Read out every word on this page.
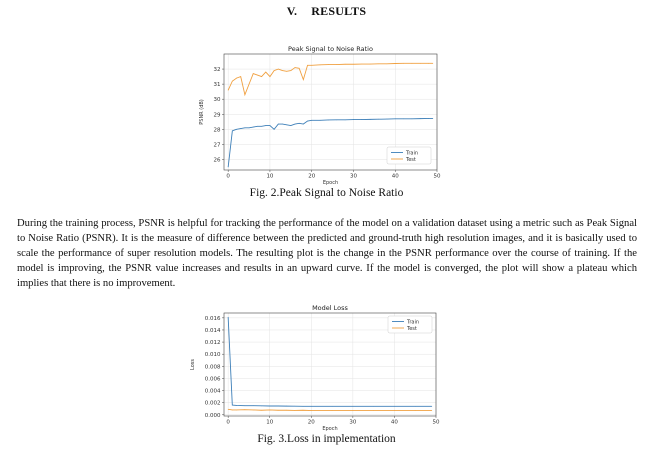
V. RESULTS
0	10	20	30	40	50
26
27
28
29
30
31
32
Peak Signal to Noise Ratio
Epoch
PSNR (dB)
Train
Test
Fig. 2.Peak Signal to Noise Ratio

During the training process, PSNR is helpful for tracking the performance of the model on a validation dataset using a metric such as Peak Signal to Noise Ratio (PSNR). It is the measure of difference between the predicted and ground-truth high resolution images, and it is basically used to scale the performance of super resolution models. The resulting plot is the change in the PSNR performance over the course of training. If the model is improving, the PSNR value increases and results in an upward curve. If the model is converged, the plot will show a plateau which implies that there is no improvement.

0	10	20	30	40	50
0.000
0.002
0.004
0.006
0.008
0.010
0.012
0.014
0.016
Model Loss
Epoch
Loss
Train
Test
Fig. 3.Loss in implementation
